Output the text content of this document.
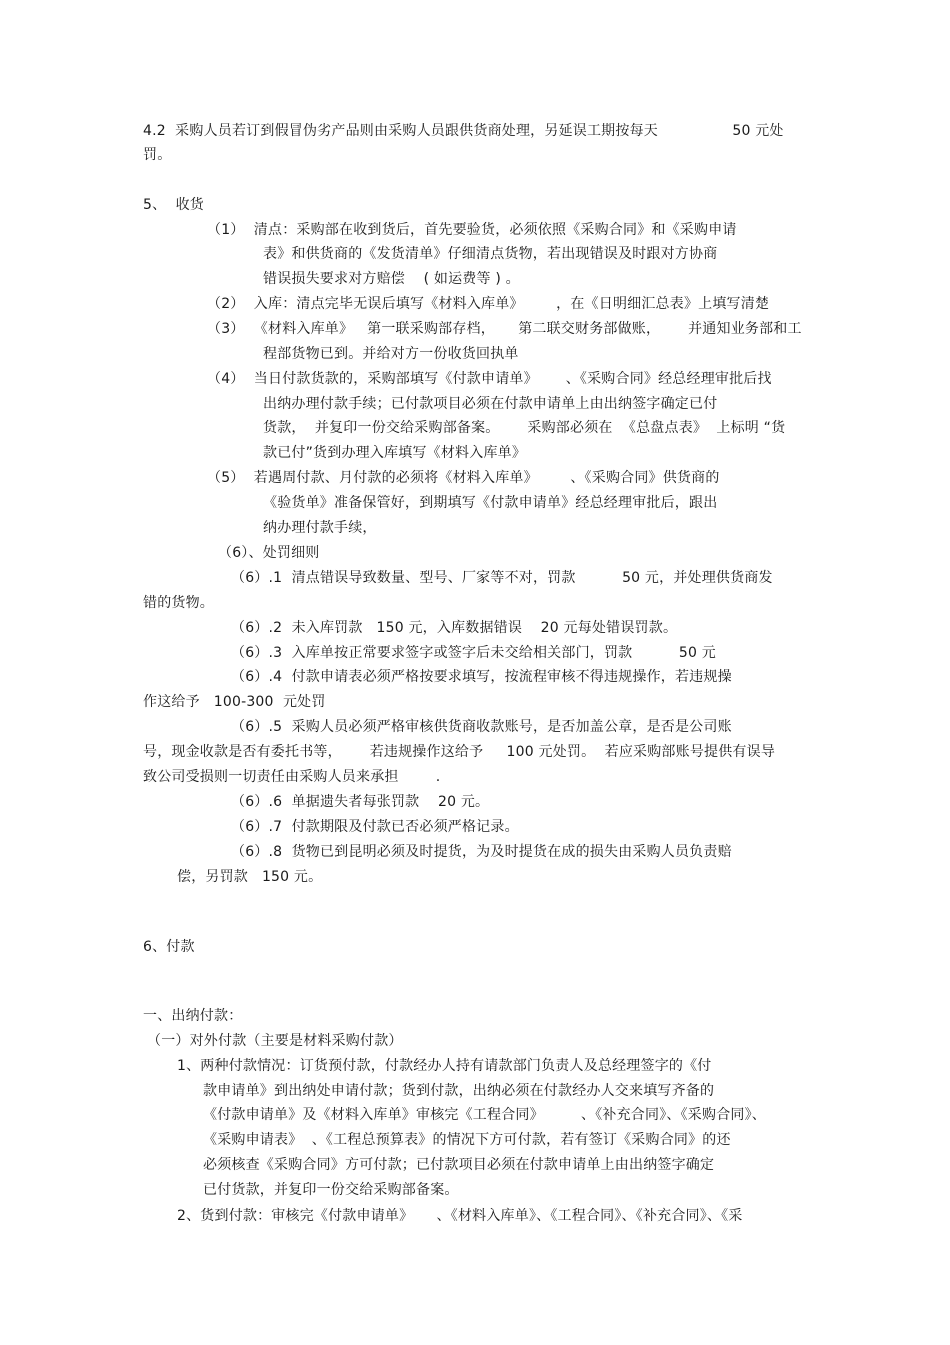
4.2  采购人员若订到假冒伪劣产品则由采购人员跟供货商处理，另延误工期按每天                50 元处
罚。
5、  收货
（1）  清点：采购部在收到货后，首先要验货，必须依照《采购合同》和《采购申请
表》和供货商的《发货清单》仔细清点货物，若出现错误及时跟对方协商
错误损失要求对方赔偿    ( 如运费等 ) 。
（2）  入库：清点完毕无误后填写《材料入库单》       ，在《日明细汇总表》上填写清楚
（3）  《材料入库单》   第一联采购部存档，     第二联交财务部做账，      并通知业务部和工
程部货物已到。并给对方一份收货回执单
（4）  当日付款货款的，采购部填写《付款申请单》      、《采购合同》经总经理审批后找
出纳办理付款手续；已付款项目必须在付款申请单上由出纳签字确定已付
货款，  并复印一份交给采购部备案。      采购部必须在  《总盘点表》  上标明 “货
款已付”货到办理入库填写《材料入库单》
（5）  若遇周付款、月付款的必须将《材料入库单》       、《采购合同》供货商的
《验货单》准备保管好，到期填写《付款申请单》经总经理审批后，跟出
纳办理付款手续，
（6）、处罚细则
（6）.1  清点错误导致数量、型号、厂家等不对，罚款          50 元，并处理供货商发
错的货物。
（6）.2  未入库罚款   150 元，入库数据错误    20 元每处错误罚款。
（6）.3  入库单按正常要求签字或签字后未交给相关部门，罚款          50 元
（6）.4  付款申请表必须严格按要求填写，按流程审核不得违规操作，若违规操
作这给予   100-300  元处罚
（6）.5  采购人员必须严格审核供货商收款账号，是否加盖公章，是否是公司账
号，现金收款是否有委托书等，      若违规操作这给予     100 元处罚。  若应采购部账号提供有误导
致公司受损则一切责任由采购人员来承担        .
（6）.6  单据遗失者每张罚款    20 元。
（6）.7  付款期限及付款已否必须严格记录。
（6）.8  货物已到昆明必须及时提货，为及时提货在成的损失由采购人员负责赔
偿，另罚款   150 元。
6、付款
一、出纳付款：
（一）对外付款（主要是材料采购付款）
1、两种付款情况：订货预付款，付款经办人持有请款部门负责人及总经理签字的《付
款申请单》到出纳处申请付款；货到付款，出纳必须在付款经办人交来填写齐备的
《付款申请单》及《材料入库单》审核完《工程合同》        、《补充合同》、《采购合同》、
《采购申请表》  、《工程总预算表》的情况下方可付款，若有签订《采购合同》的还
必须核查《采购合同》方可付款；已付款项目必须在付款申请单上由出纳签字确定
已付货款，并复印一份交给采购部备案。
2、货到付款：审核完《付款申请单》     、《材料入库单》、《工程合同》、《补充合同》、《采
